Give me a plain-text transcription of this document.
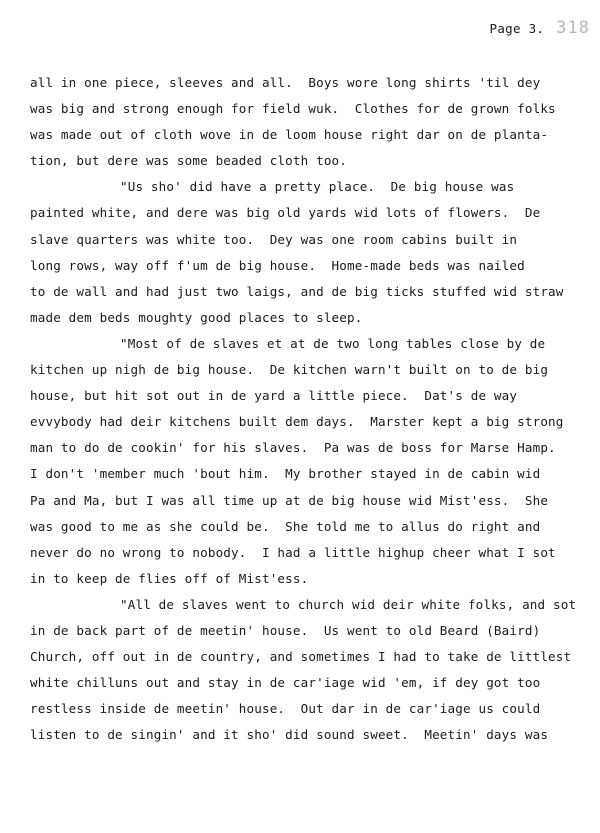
Page 3. 318
all in one piece, sleeves and all.  Boys wore long shirts 'til dey
was big and strong enough for field wuk.  Clothes for de grown folks
was made out of cloth wove in de loom house right dar on de planta-
tion, but dere was some beaded cloth too.
"Us sho' did have a pretty place.  De big house was
painted white, and dere was big old yards wid lots of flowers.  De
slave quarters was white too.  Dey was one room cabins built in
long rows, way off f'um de big house.  Home-made beds was nailed
to de wall and had just two laigs, and de big ticks stuffed wid straw
made dem beds moughty good places to sleep.
"Most of de slaves et at de two long tables close by de
kitchen up nigh de big house.  De kitchen warn't built on to de big
house, but hit sot out in de yard a little piece.  Dat's de way
evvybody had deir kitchens built dem days.  Marster kept a big strong
man to do de cookin' for his slaves.  Pa was de boss for Marse Hamp.
I don't 'member much 'bout him.  My brother stayed in de cabin wid
Pa and Ma, but I was all time up at de big house wid Mist'ess.  She
was good to me as she could be.  She told me to allus do right and
never do no wrong to nobody.  I had a little highup cheer what I sot
in to keep de flies off of Mist'ess.
"All de slaves went to church wid deir white folks, and sot
in de back part of de meetin' house.  Us went to old Beard (Baird)
Church, off out in de country, and sometimes I had to take de littlest
white chilluns out and stay in de car'iage wid 'em, if dey got too
restless inside de meetin' house.  Out dar in de car'iage us could
listen to de singin' and it sho' did sound sweet.  Meetin' days was
